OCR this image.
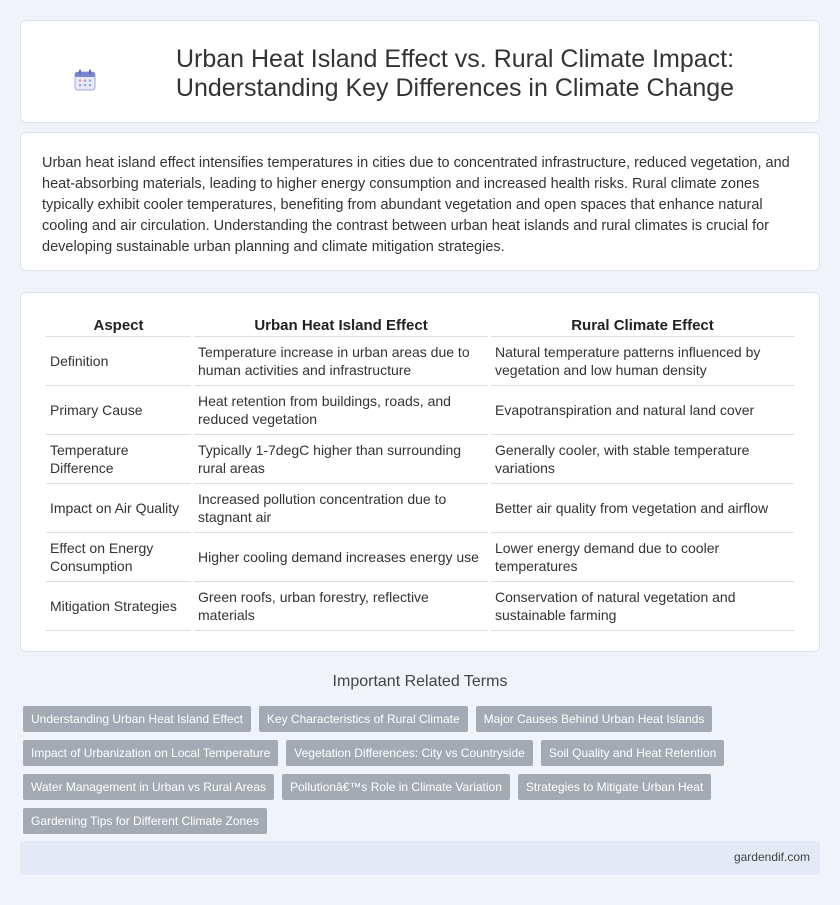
Urban Heat Island Effect vs. Rural Climate Impact: Understanding Key Differences in Climate Change

Urban heat island effect intensifies temperatures in cities due to concentrated infrastructure, reduced vegetation, and heat-absorbing materials, leading to higher energy consumption and increased health risks. Rural climate zones typically exhibit cooler temperatures, benefiting from abundant vegetation and open spaces that enhance natural cooling and air circulation. Understanding the contrast between urban heat islands and rural climates is crucial for developing sustainable urban planning and climate mitigation strategies.

Aspect	Urban Heat Island Effect	Rural Climate Effect
Definition	Temperature increase in urban areas due to human activities and infrastructure	Natural temperature patterns influenced by vegetation and low human density
Primary Cause	Heat retention from buildings, roads, and reduced vegetation	Evapotranspiration and natural land cover
Temperature Difference	Typically 1-7degC higher than surrounding rural areas	Generally cooler, with stable temperature variations
Impact on Air Quality	Increased pollution concentration due to stagnant air	Better air quality from vegetation and airflow
Effect on Energy Consumption	Higher cooling demand increases energy use	Lower energy demand due to cooler temperatures
Mitigation Strategies	Green roofs, urban forestry, reflective materials	Conservation of natural vegetation and sustainable farming
Important Related Terms
Understanding Urban Heat Island Effect	Key Characteristics of Rural Climate	Major Causes Behind Urban Heat Islands
Impact of Urbanization on Local Temperature	Vegetation Differences: City vs Countryside	Soil Quality and Heat Retention
Water Management in Urban vs Rural Areas	Pollutionâ€™s Role in Climate Variation	Strategies to Mitigate Urban Heat
Gardening Tips for Different Climate Zones
gardendif.com
